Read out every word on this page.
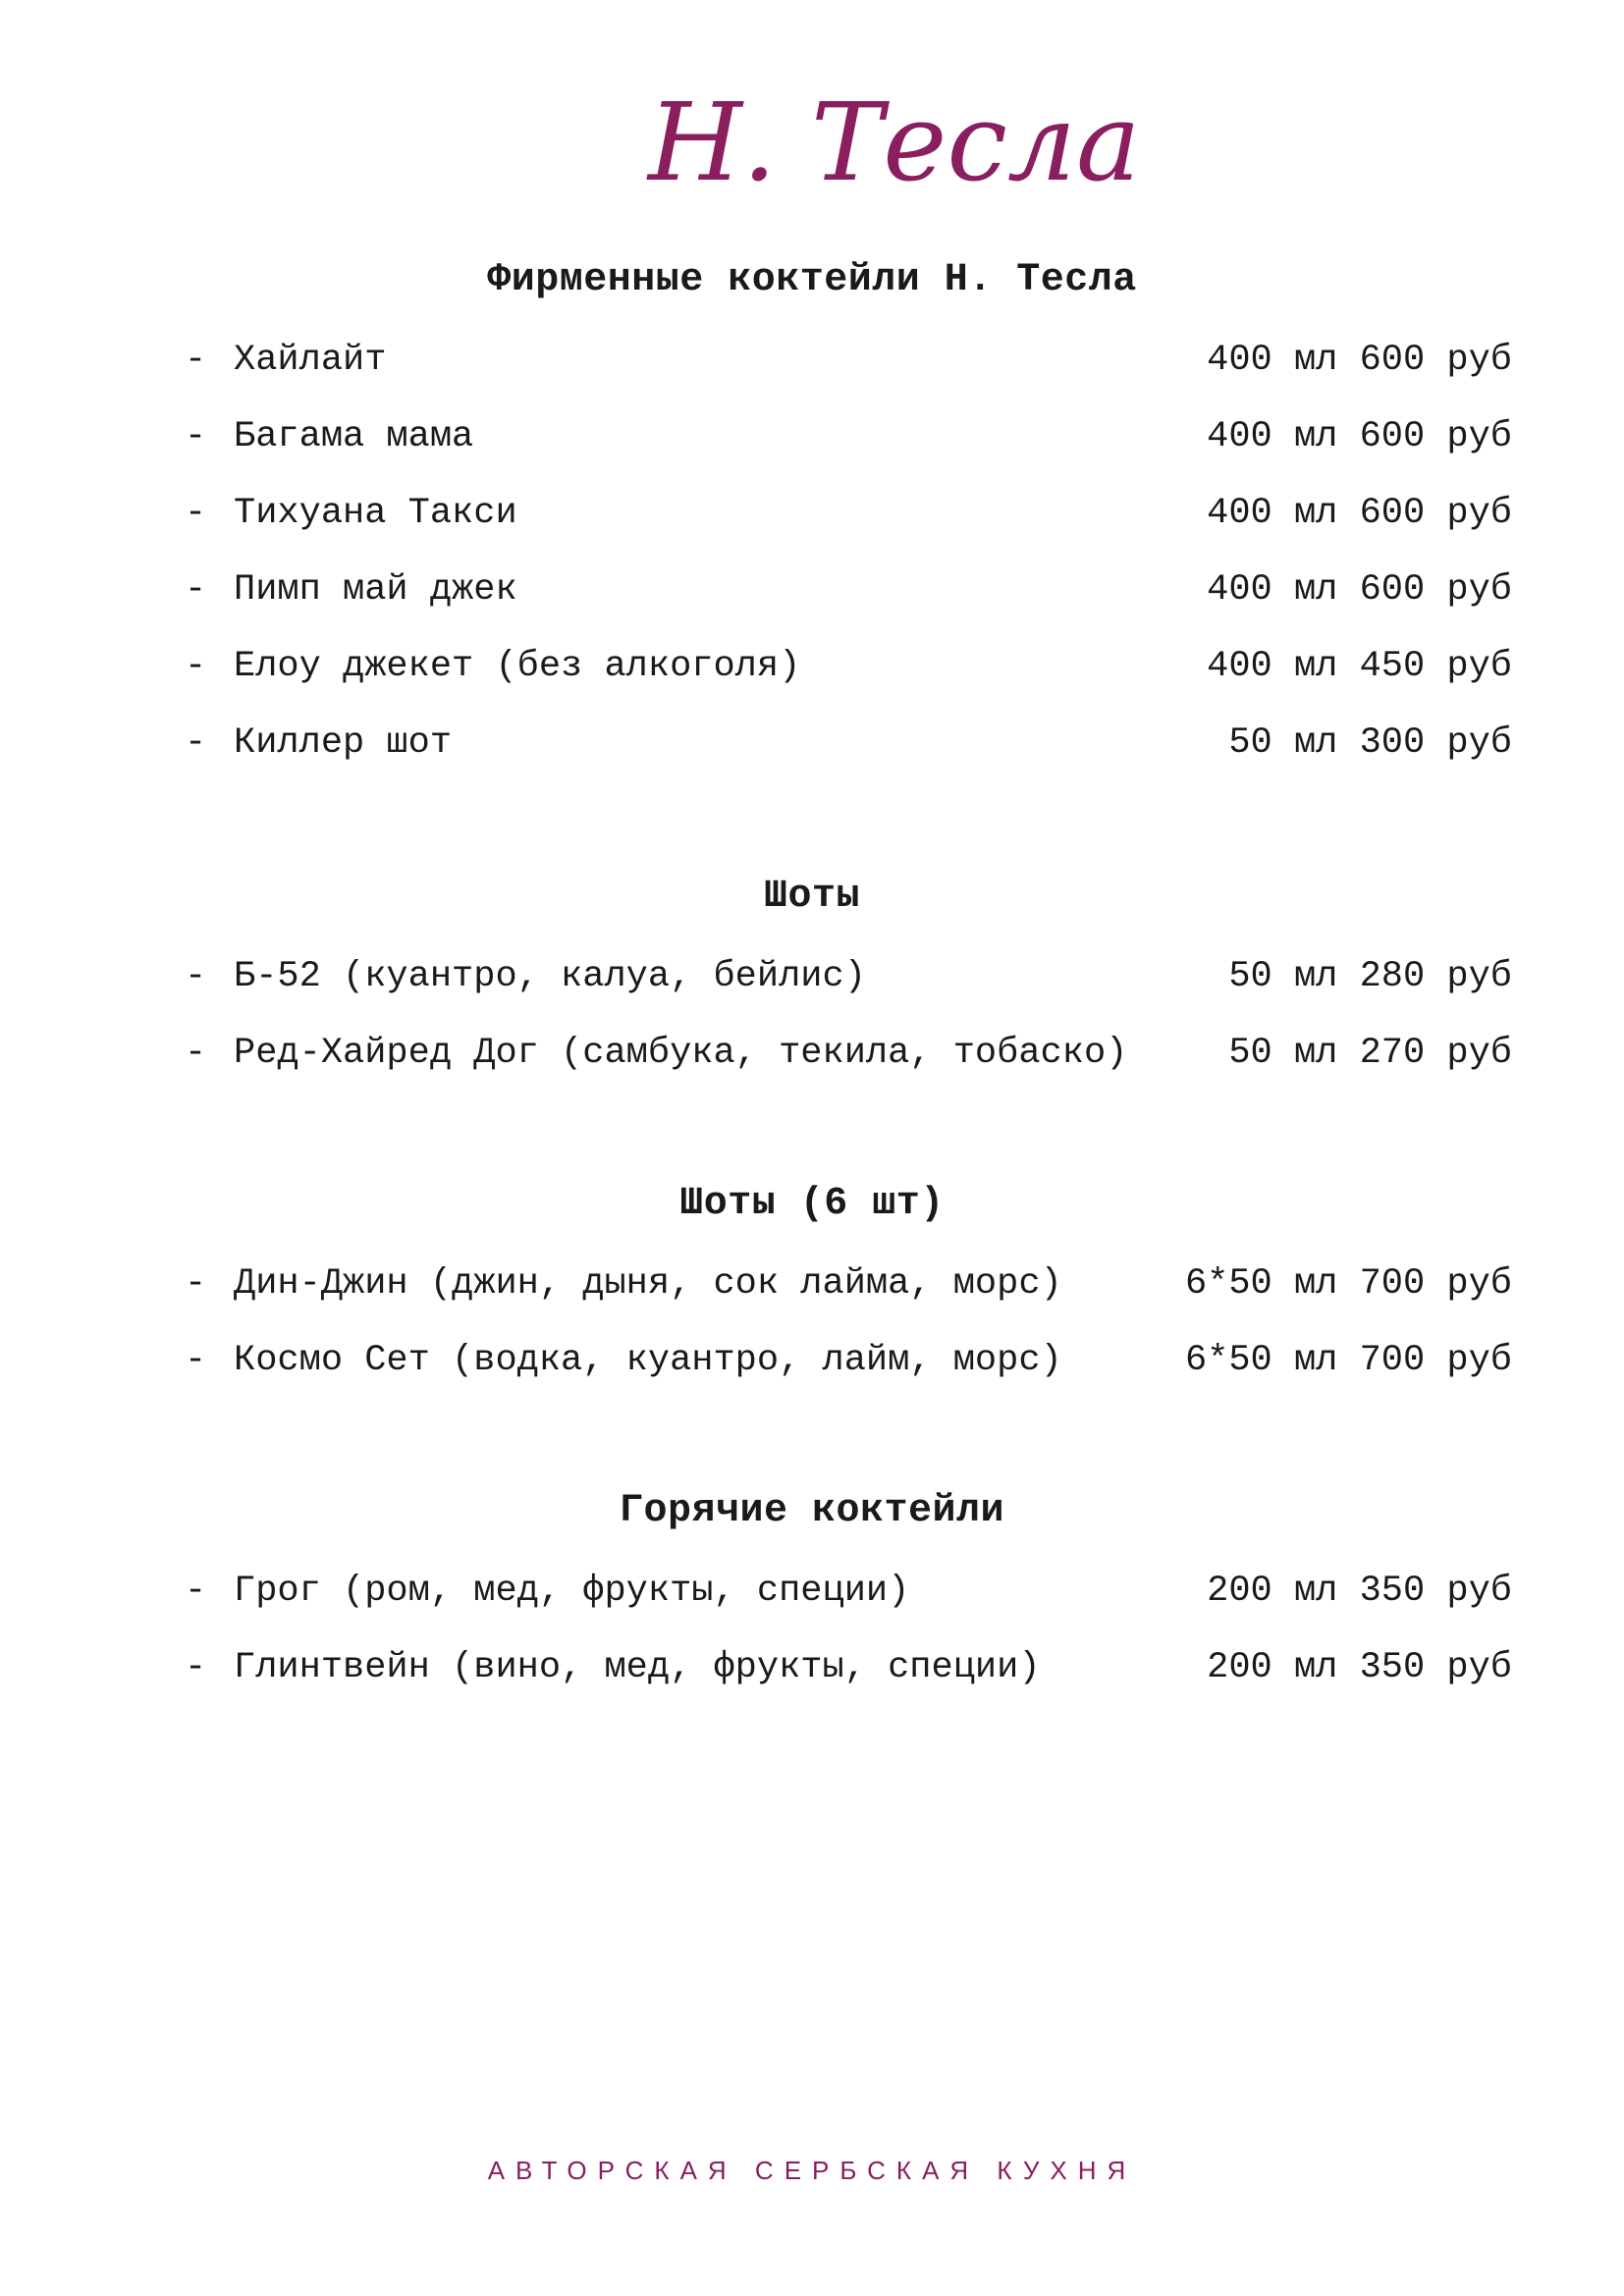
Н. Тесла
Фирменные коктейли Н. Тесла
- Хайлайт	400 мл 600 руб
- Багама мама	400 мл 600 руб
- Тихуана Такси	400 мл 600 руб
- Пимп май джек	400 мл 600 руб
- Елоу джекет (без алкоголя)	400 мл 450 руб
- Киллер шот	50 мл 300 руб
Шоты
- Б-52 (куантро, калуа, бейлис)	50 мл 280 руб
- Ред-Хайред Дог (самбука, текила, тобаско)	50 мл 270 руб
Шоты (6 шт)
- Дин-Джин (джин, дыня, сок лайма, морс)	6*50 мл 700 руб
- Космо Сет (водка, куантро, лайм, морс)	6*50 мл 700 руб
Горячие коктейли
- Грог (ром, мед, фрукты, специи)	200 мл 350 руб
- Глинтвейн (вино, мед, фрукты, специи)	200 мл 350 руб
АВТОРСКАЯ СЕРБСКАЯ КУХНЯ
